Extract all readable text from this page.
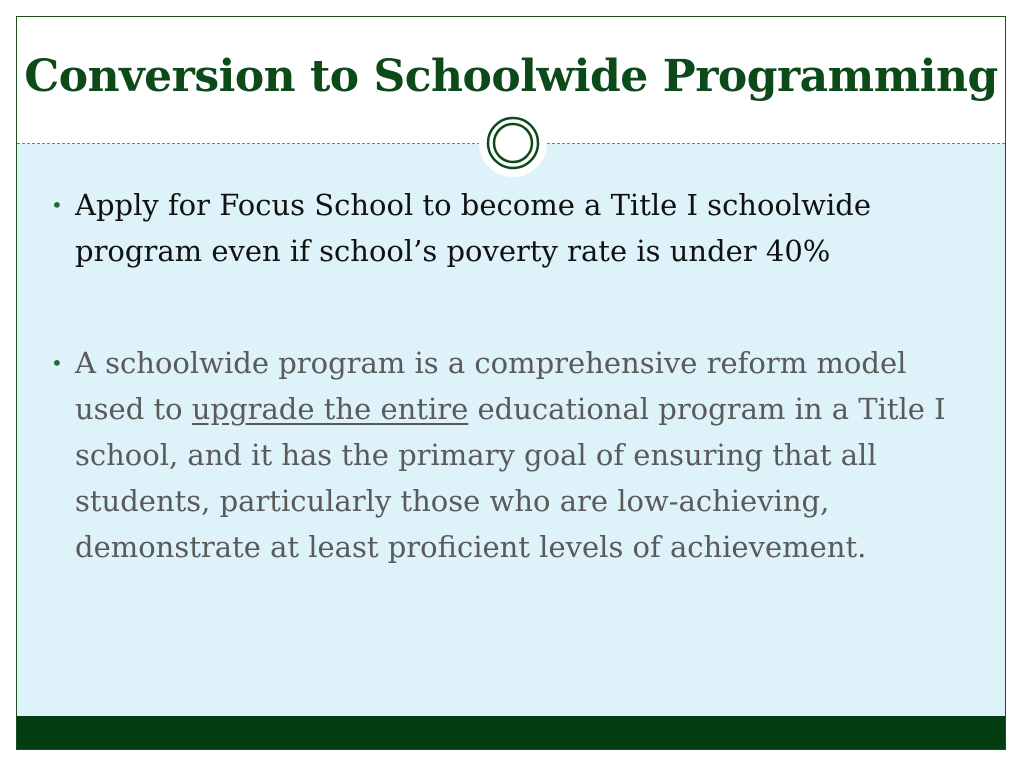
Conversion to Schoolwide Programming
• Apply for Focus School to become a Title I schoolwide program even if school’s poverty rate is under 40%
• A schoolwide program is a comprehensive reform model used to upgrade the entire educational program in a Title I school, and it has the primary goal of ensuring that all students, particularly those who are low-achieving, demonstrate at least proficient levels of achievement.
